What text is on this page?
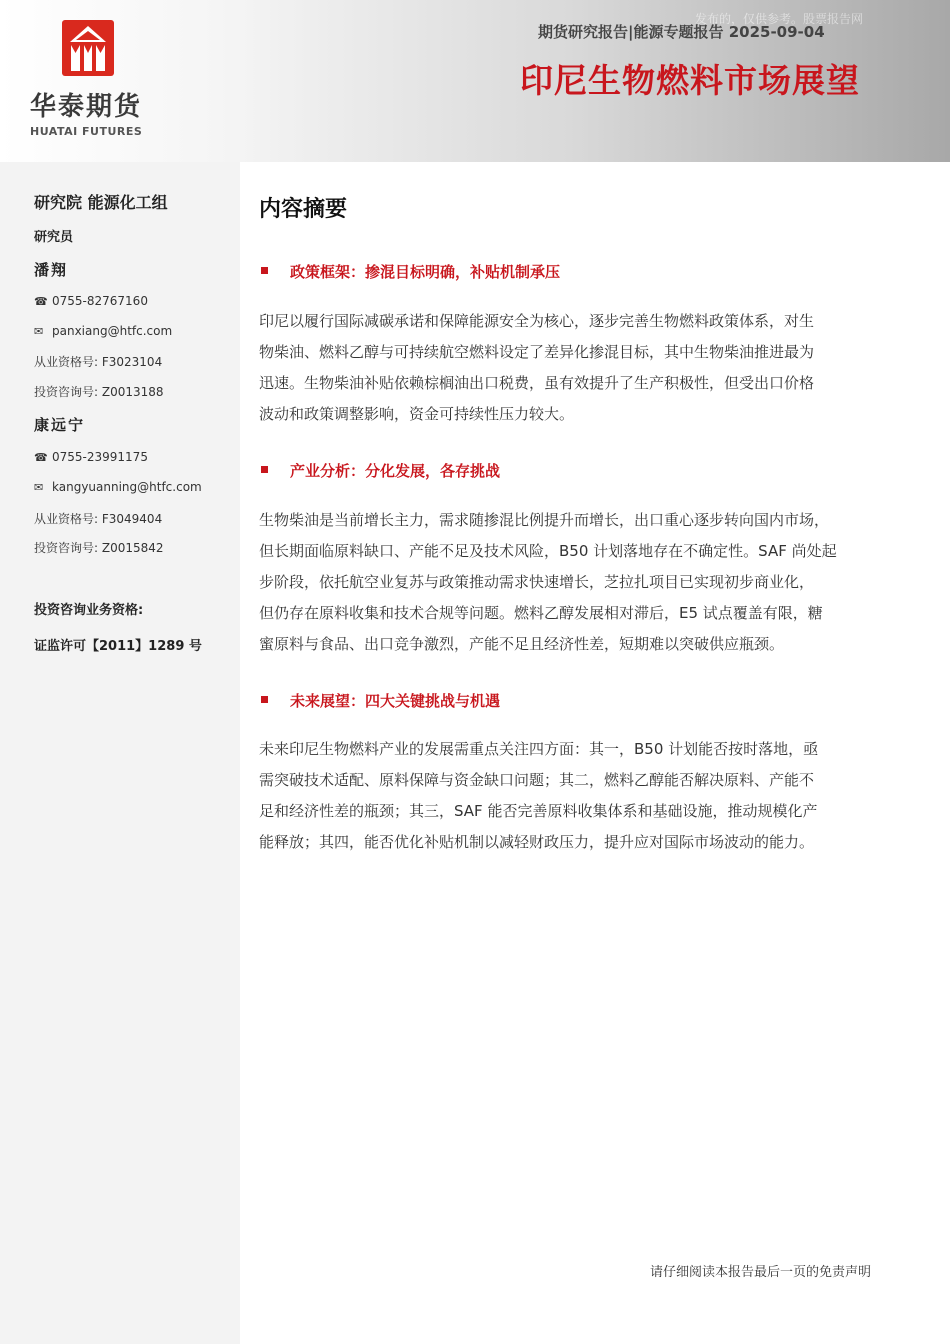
华泰期货
HUATAI FUTURES
期货研究报告|能源专题报告 2025-09-04
印尼生物燃料市场展望
发布的，仅供参考。股票报告网
研究院 能源化工组
研究员
潘翔
☎ 0755-82767160
✉ panxiang@htfc.com
从业资格号: F3023104
投资咨询号: Z0013188
康远宁
☎ 0755-23991175
✉ kangyuanning@htfc.com
从业资格号: F3049404
投资咨询号: Z0015842
投资咨询业务资格:
证监许可【2011】1289 号
内容摘要
政策框架：掺混目标明确，补贴机制承压
印尼以履行国际减碳承诺和保障能源安全为核心，逐步完善生物燃料政策体系，对生
物柴油、燃料乙醇与可持续航空燃料设定了差异化掺混目标，其中生物柴油推进最为
迅速。生物柴油补贴依赖棕榈油出口税费，虽有效提升了生产积极性，但受出口价格
波动和政策调整影响，资金可持续性压力较大。
产业分析：分化发展，各存挑战
生物柴油是当前增长主力，需求随掺混比例提升而增长，出口重心逐步转向国内市场，
但长期面临原料缺口、产能不足及技术风险，B50 计划落地存在不确定性。SAF 尚处起
步阶段，依托航空业复苏与政策推动需求快速增长，芝拉扎项目已实现初步商业化，
但仍存在原料收集和技术合规等问题。燃料乙醇发展相对滞后，E5 试点覆盖有限，糖
蜜原料与食品、出口竞争激烈，产能不足且经济性差，短期难以突破供应瓶颈。
未来展望：四大关键挑战与机遇
未来印尼生物燃料产业的发展需重点关注四方面：其一，B50 计划能否按时落地，亟
需突破技术适配、原料保障与资金缺口问题；其二，燃料乙醇能否解决原料、产能不
足和经济性差的瓶颈；其三，SAF 能否完善原料收集体系和基础设施，推动规模化产
能释放；其四，能否优化补贴机制以减轻财政压力，提升应对国际市场波动的能力。
请仔细阅读本报告最后一页的免责声明
